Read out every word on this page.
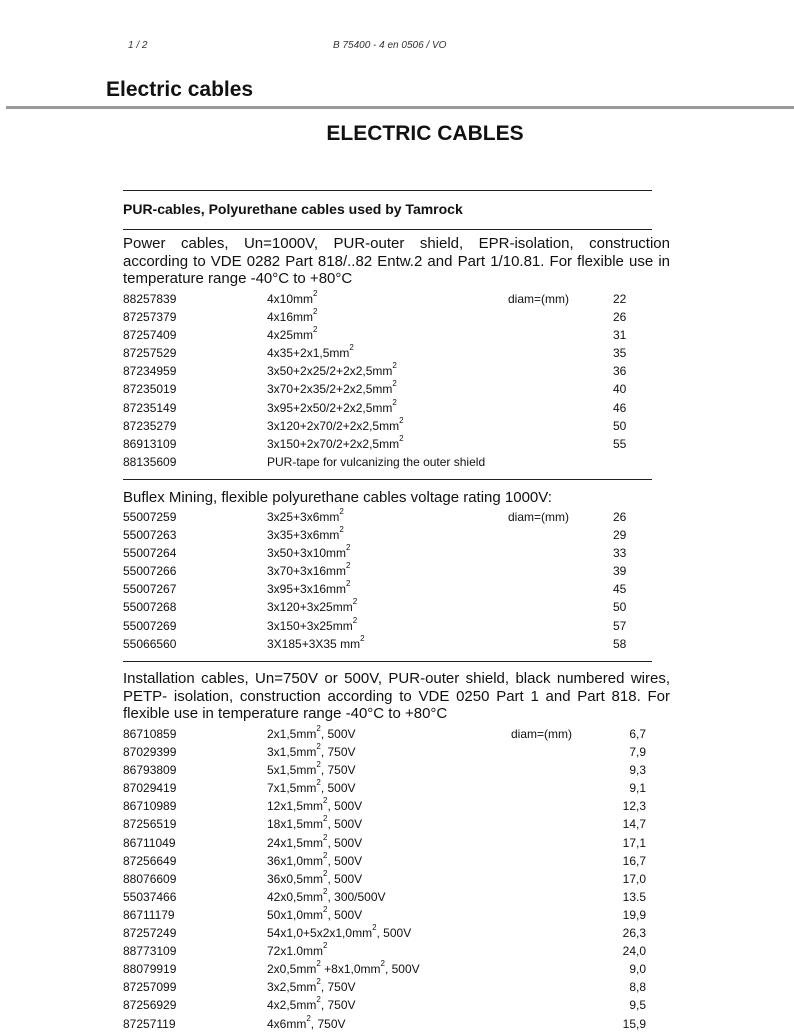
1 / 2	B 75400 - 4 en 0506 / VO
Electric cables
ELECTRIC CABLES
PUR-cables, Polyurethane cables used by Tamrock
Power cables, Un=1000V, PUR-outer shield, EPR-isolation, construction according to VDE 0282 Part 818/..82 Entw.2 and Part 1/10.81. For flexible use in temperature range -40°C to +80°C
88257839	$4x10mm^2$	diam=(mm)	22
87257379	$4x16mm^2$	26
87257409	$4x25mm^2$	31
87257529	$4x35+2x1,5mm^2$	35
87234959	$3x50+2x25/2+2x2,5mm^2$	36
87235019	$3x70+2x35/2+2x2,5mm^2$	40
87235149	$3x95+2x50/2+2x2,5mm^2$	46
87235279	$3x120+2x70/2+2x2,5mm^2$	50
86913109	$3x150+2x70/2+2x2,5mm^2$	55
88135609	PUR-tape for vulcanizing the outer shield
Buflex Mining, flexible polyurethane cables voltage rating 1000V:
55007259	$3x25+3x6mm^2$	diam=(mm)	26
55007263	$3x35+3x6mm^2$	29
55007264	$3x50+3x10mm^2$	33
55007266	$3x70+3x16mm^2$	39
55007267	$3x95+3x16mm^2$	45
55007268	$3x120+3x25mm^2$	50
55007269	$3x150+3x25mm^2$	57
55066560	3X185+3X35 $mm^2$	58
Installation cables, Un=750V or 500V, PUR-outer shield, black numbered wires, PETP- isolation, construction according to VDE 0250 Part 1 and Part 818. For flexible use in temperature range -40°C to +80°C
86710859	$2x1,5mm^2$, 500V	diam=(mm)	6,7
87029399	$3x1,5mm^2$, 750V	7,9
86793809	$5x1,5mm^2$, 750V	9,3
87029419	$7x1,5mm^2$, 500V	9,1
86710989	$12x1,5mm^2$, 500V	12,3
87256519	$18x1,5mm^2$, 500V	14,7
86711049	$24x1,5mm^2$, 500V	17,1
87256649	$36x1,0mm^2$, 500V	16,7
88076609	$36x0,5mm^2$, 500V	17,0
55037466	$42x0,5mm^2$, 300/500V	13.5
86711179	$50x1,0mm^2$, 500V	19,9
87257249	$54x1,0+5x2x1,0mm^2$, 500V	26,3
88773109	$72x1.0mm^2$	24,0
88079919	$2x0,5mm^2 +8x1,0mm^2$, 500V	9,0
87257099	$3x2,5mm^2$, 750V	8,8
87256929	$4x2,5mm^2$, 750V	9,5
87257119	$4x6mm^2$, 750V	15,9
